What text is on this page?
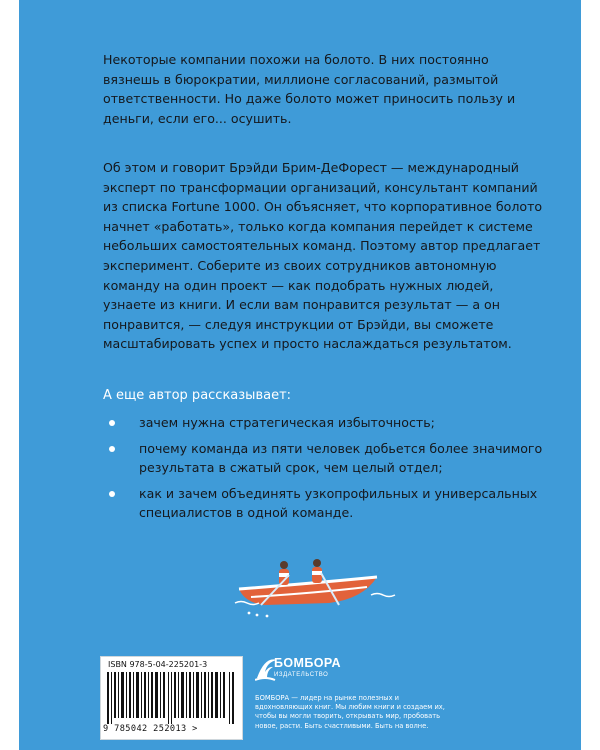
Некоторые компании похожи на болото. В них постоянно вязнешь в бюрократии, миллионе согласований, размытой ответственности. Но даже болото может приносить пользу и деньги, если его... осушить.
Об этом и говорит Брэйди Брим-ДеФорест — международный эксперт по трансформации организаций, консультант компаний из списка Fortune 1000. Он объясняет, что корпоративное болото начнет «работать», только когда компания перейдет к системе небольших самостоятельных команд. Поэтому автор предлагает эксперимент. Соберите из своих сотрудников автономную команду на один проект — как подобрать нужных людей, узнаете из книги. И если вам понравится результат — а он понравится, — следуя инструкции от Брэйди, вы сможете масштабировать успех и просто наслаждаться результатом.
А еще автор рассказывает:
зачем нужна стратегическая избыточность;
почему команда из пяти человек добьется более значимого результата в сжатый срок, чем целый отдел;
как и зачем объединять узкопрофильных и универсальных специалистов в одной команде.
ISBN 978-5-04-225201-3
9 785042 252013 >
БОМБОРА
ИЗДАТЕЛЬСТВО
БОМБОРА — лидер на рынке полезных и вдохновляющих книг. Мы любим книги и создаем их, чтобы вы могли творить, открывать мир, пробовать новое, расти. Быть счастливыми. Быть на волне.
